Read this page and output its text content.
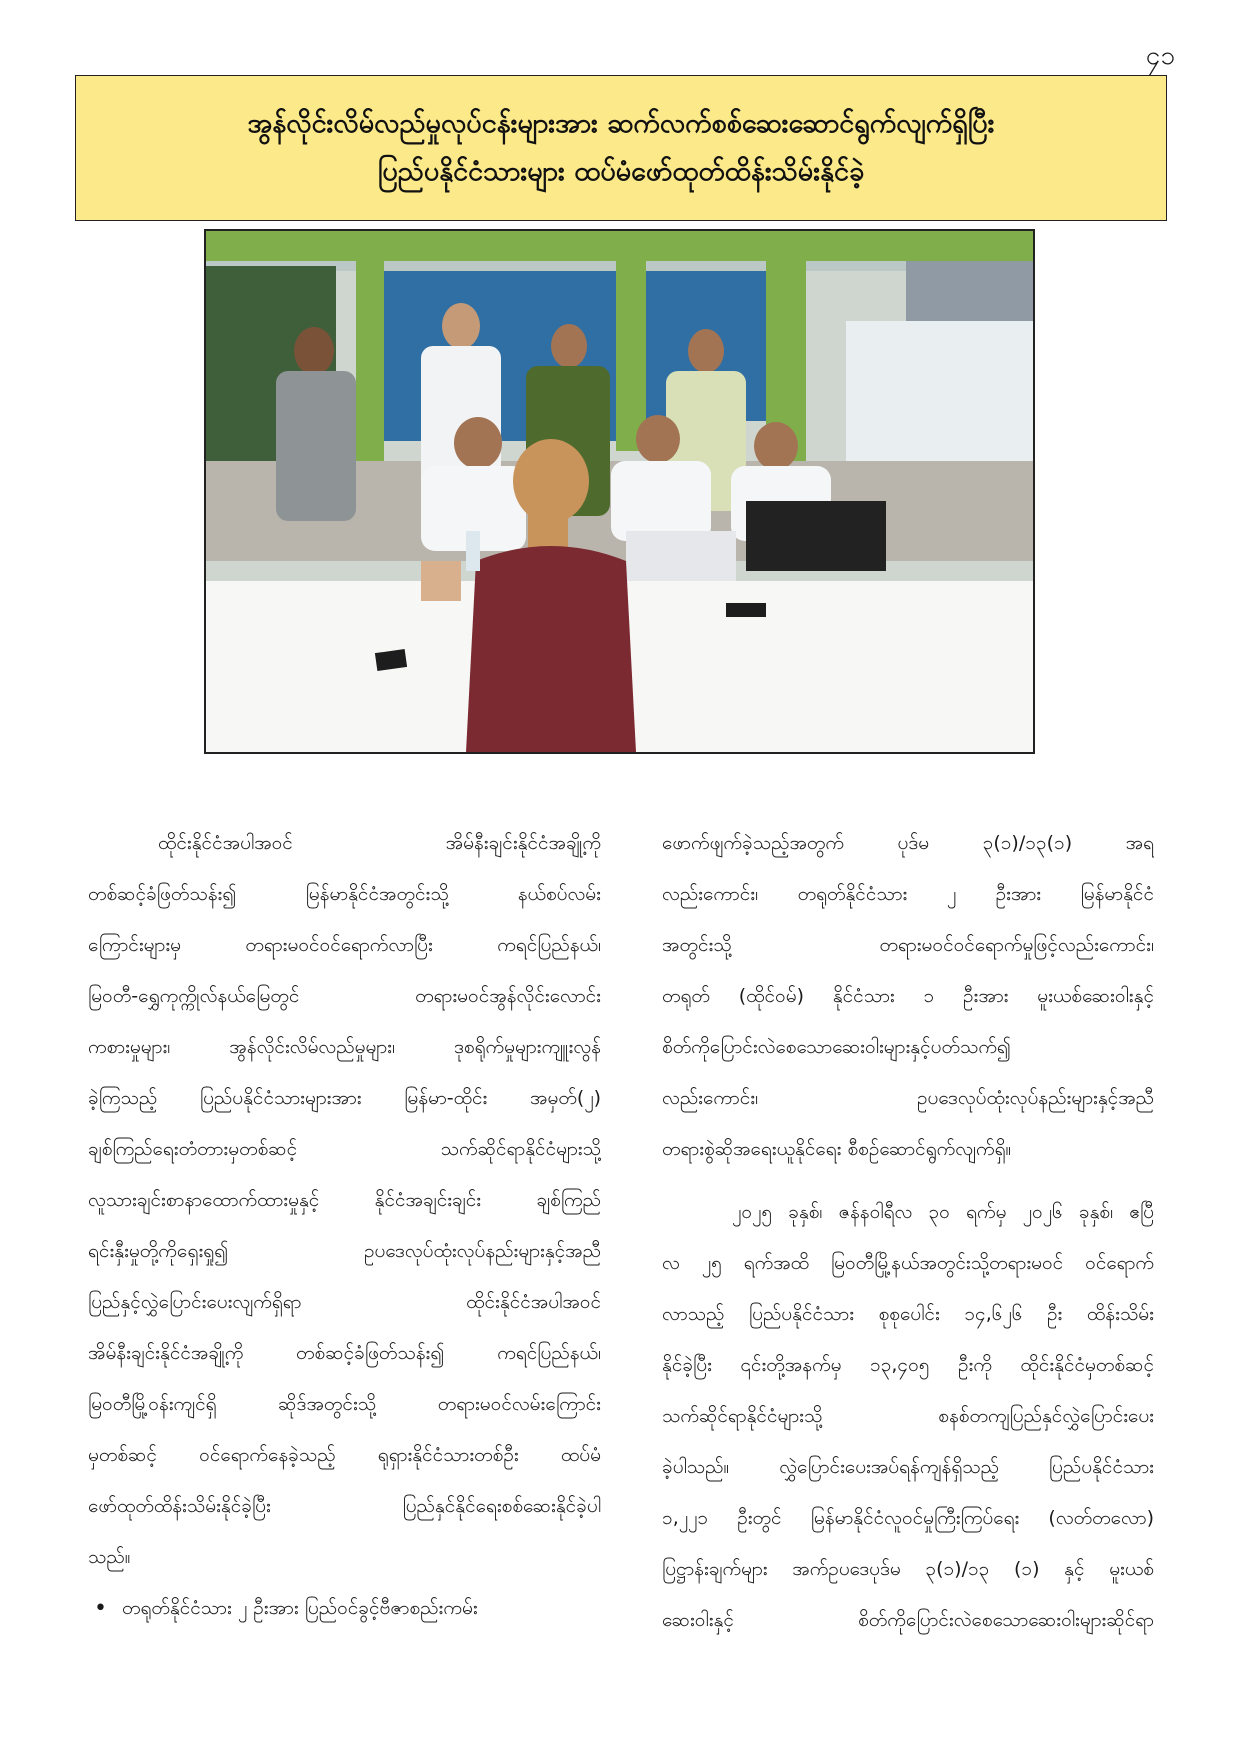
၄၁
အွန်လိုင်းလိမ်လည်မှုလုပ်ငန်းများအား ဆက်လက်စစ်ဆေးဆောင်ရွက်လျက်ရှိပြီး
ပြည်ပနိုင်ငံသားများ ထပ်မံဖော်ထုတ်ထိန်းသိမ်းနိုင်ခဲ့
ထိုင်းနိုင်ငံအပါအဝင် အိမ်နီးချင်းနိုင်ငံအချို့ကို
တစ်ဆင့်ခံဖြတ်သန်း၍ မြန်မာနိုင်ငံအတွင်းသို့ နယ်စပ်လမ်း
ကြောင်းများမှ တရားမဝင်ဝင်ရောက်လာပြီး ကရင်ပြည်နယ်၊
မြဝတီ-ရွှေကုက္ကိုလ်နယ်မြေတွင် တရားမဝင်အွန်လိုင်းလောင်း
ကစားမှုများ၊ အွန်လိုင်းလိမ်လည်မှုများ၊ ဒုစရိုက်မှုများကျူးလွန်
ခဲ့ကြသည့် ပြည်ပနိုင်ငံသားများအား မြန်မာ-ထိုင်း အမှတ်(၂)
ချစ်ကြည်ရေးတံတားမှတစ်ဆင့် သက်ဆိုင်ရာနိုင်ငံများသို့
လူသားချင်းစာနာထောက်ထားမှုနှင့် နိုင်ငံအချင်းချင်း ချစ်ကြည်
ရင်းနှီးမှုတို့ကိုရှေးရှု၍ ဥပဒေလုပ်ထုံးလုပ်နည်းများနှင့်အညီ
ပြည်နှင့်လွှဲပြောင်းပေးလျက်ရှိရာ ထိုင်းနိုင်ငံအပါအဝင်
အိမ်နီးချင်းနိုင်ငံအချို့ကို တစ်ဆင့်ခံဖြတ်သန်း၍ ကရင်ပြည်နယ်၊
မြဝတီမြို့ဝန်းကျင်ရှိ ဆိုဒ်အတွင်းသို့ တရားမဝင်လမ်းကြောင်း
မှတစ်ဆင့် ဝင်ရောက်နေခဲ့သည့် ရုရှားနိုင်ငံသားတစ်ဦး ထပ်မံ
ဖော်ထုတ်ထိန်းသိမ်းနိုင်ခဲ့ပြီး ပြည်နှင်နိုင်ရေးစစ်ဆေးနိုင်ခဲ့ပါ
သည်။
• တရုတ်နိုင်ငံသား ၂ ဦးအား ပြည်ဝင်ခွင့်ဗီဇာစည်းကမ်း
ဖောက်ဖျက်ခဲ့သည့်အတွက် ပုဒ်မ ၃(၁)/၁၃(၁) အရ
လည်းကောင်း၊ တရုတ်နိုင်ငံသား ၂ ဦးအား မြန်မာနိုင်ငံ
အတွင်းသို့ တရားမဝင်ဝင်ရောက်မှုဖြင့်လည်းကောင်း၊
တရုတ် (ထိုင်ဝမ်) နိုင်ငံသား ၁ ဦးအား မူးယစ်ဆေးဝါးနှင့်
စိတ်ကိုပြောင်းလဲစေသောဆေးဝါးများနှင့်ပတ်သက်၍
လည်းကောင်း၊ ဥပဒေလုပ်ထုံးလုပ်နည်းများနှင့်အညီ
တရားစွဲဆိုအရေးယူနိုင်ရေး စီစဉ်ဆောင်ရွက်လျက်ရှိ။
၂၀၂၅ ခုနှစ်၊ ဇန်နဝါရီလ ၃၀ ရက်မှ ၂၀၂၆ ခုနှစ်၊ ဧပြီ
လ ၂၅ ရက်အထိ မြဝတီမြို့နယ်အတွင်းသို့တရားမဝင် ဝင်ရောက်
လာသည့် ပြည်ပနိုင်ငံသား စုစုပေါင်း ၁၄,၆၂၆ ဦး ထိန်းသိမ်း
နိုင်ခဲ့ပြီး ၎င်းတို့အနက်မှ ၁၃,၄၀၅ ဦးကို ထိုင်းနိုင်ငံမှတစ်ဆင့်
သက်ဆိုင်ရာနိုင်ငံများသို့ စနစ်တကျပြည်နှင်လွှဲပြောင်းပေး
ခဲ့ပါသည်။ လွှဲပြောင်းပေးအပ်ရန်ကျန်ရှိသည့် ပြည်ပနိုင်ငံသား
၁,၂၂၁ ဦးတွင် မြန်မာနိုင်ငံလူဝင်မှုကြီးကြပ်ရေး (လတ်တလော)
ပြဋ္ဌာန်းချက်များ အက်ဥပဒေပုဒ်မ ၃(၁)/၁၃ (၁) နှင့် မူးယစ်
ဆေးဝါးနှင့် စိတ်ကိုပြောင်းလဲစေသောဆေးဝါးများဆိုင်ရာ
